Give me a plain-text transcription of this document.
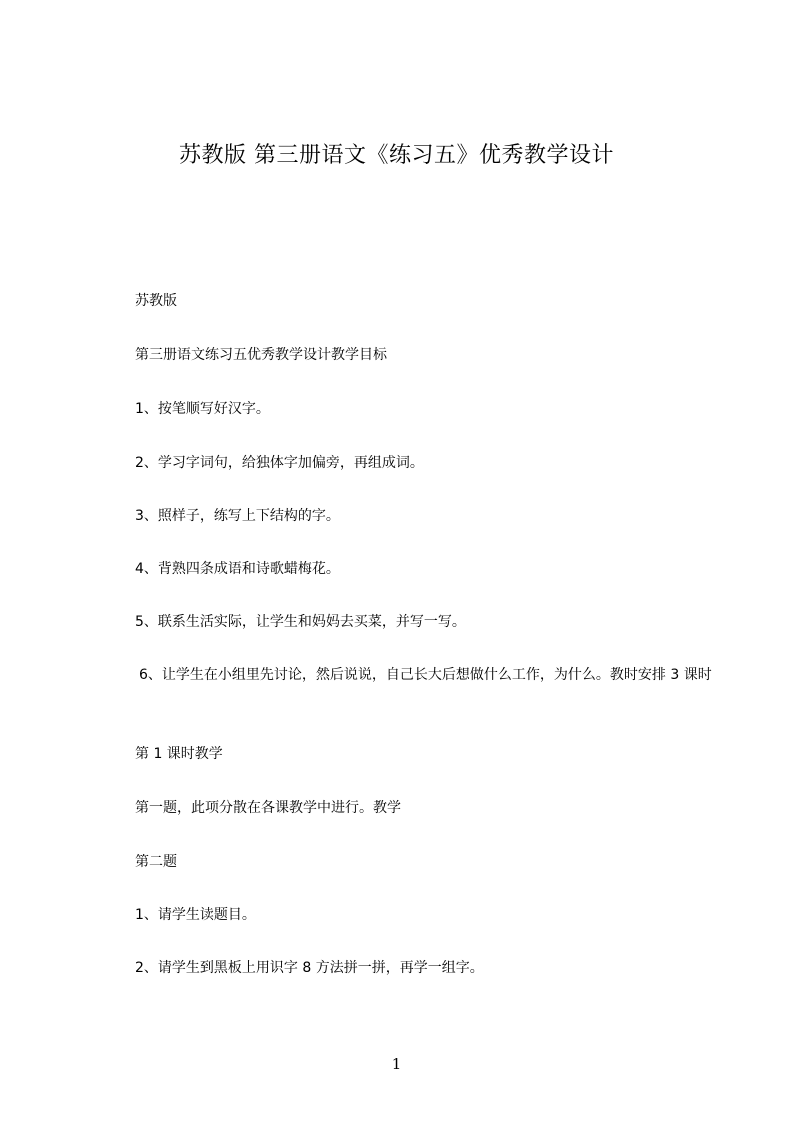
苏教版 第三册语文《练习五》优秀教学设计
苏教版
第三册语文练习五优秀教学设计教学目标
1、按笔顺写好汉字。
2、学习字词句，给独体字加偏旁，再组成词。
3、照样子，练写上下结构的字。
4、背熟四条成语和诗歌蜡梅花。
5、联系生活实际，让学生和妈妈去买菜，并写一写。
6、让学生在小组里先讨论，然后说说，自己长大后想做什么工作，为什么。教时安排 3 课时
第 1 课时教学
第一题，此项分散在各课教学中进行。教学
第二题
1、请学生读题目。
2、请学生到黑板上用识字 8 方法拼一拼，再学一组字。
1
